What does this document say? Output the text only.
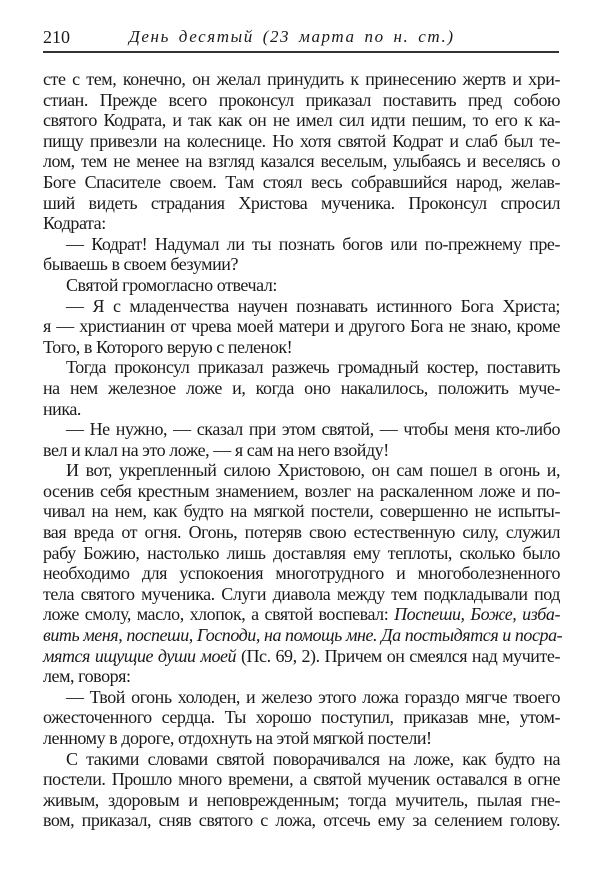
210	День десятый (23 марта по н. ст.)
сте с тем, конечно, он желал принудить к принесению жертв и хри-
стиан. Прежде всего проконсул приказал поставить пред собою
святого Кодрата, и так как он не имел сил идти пешим, то его к ка-
пищу привезли на колеснице. Но хотя святой Кодрат и слаб был те-
лом, тем не менее на взгляд казался веселым, улыбаясь и веселясь о
Боге Спасителе своем. Там стоял весь собравшийся народ, желав-
ший видеть страдания Христова мученика. Проконсул спросил
Кодрата:
— Кодрат! Надумал ли ты познать богов или по-прежнему пре-
бываешь в своем безумии?
Святой громогласно отвечал:
— Я с младенчества научен познавать истинного Бога Христа;
я — христианин от чрева моей матери и другого Бога не знаю, кроме
Того, в Которого верую с пеленок!
Тогда проконсул приказал разжечь громадный костер, поставить
на нем железное ложе и, когда оно накалилось, положить муче-
ника.
— Не нужно, — сказал при этом святой, — чтобы меня кто-либо
вел и клал на это ложе, — я сам на него взойду!
И вот, укрепленный силою Христовою, он сам пошел в огонь и,
осенив себя крестным знамением, возлег на раскаленном ложе и по-
чивал на нем, как будто на мягкой постели, совершенно не испыты-
вая вреда от огня. Огонь, потеряв свою естественную силу, служил
рабу Божию, настолько лишь доставляя ему теплоты, сколько было
необходимо для успокоения многотрудного и многоболезненного
тела святого мученика. Слуги диавола между тем подкладывали под
ложе смолу, масло, хлопок, а святой воспевал: Поспеши, Боже, изба-
вить меня, поспеши, Господи, на помощь мне. Да постыдятся и посра-
мятся ищущие души моей (Пс. 69, 2). Причем он смеялся над мучите-
лем, говоря:
— Твой огонь холоден, и железо этого ложа гораздо мягче твоего
ожесточенного сердца. Ты хорошо поступил, приказав мне, утом-
ленному в дороге, отдохнуть на этой мягкой постели!
С такими словами святой поворачивался на ложе, как будто на
постели. Прошло много времени, а святой мученик оставался в огне
живым, здоровым и неповрежденным; тогда мучитель, пылая гне-
вом, приказал, сняв святого с ложа, отсечь ему за селением голову.
